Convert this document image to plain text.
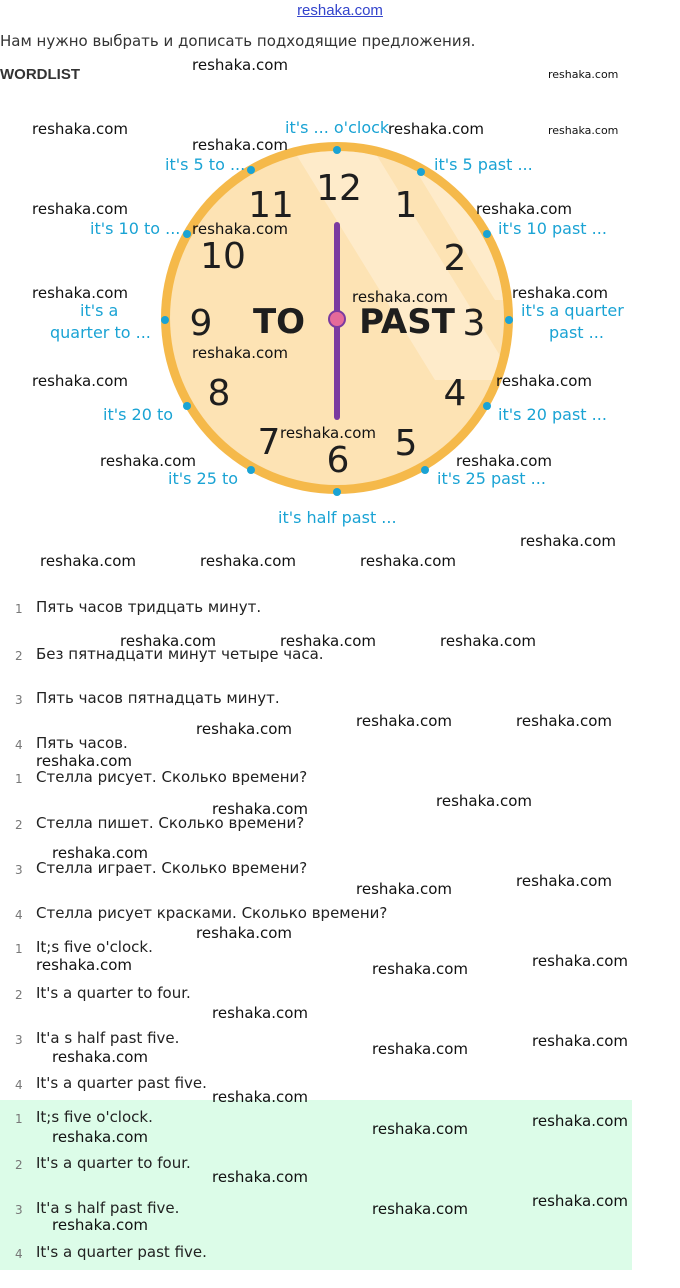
reshaka.com
Нам нужно выбрать и дописать подходящие предложения.
WORDLIST
12 1
2
3
4
5
6
7
8
9
10
11
TO PAST
it's ... o'clock
it's 5 past ...
it's 10 past ...
it's a quarter
past ...
it's 20 past ...
it's 25 past ...
it's half past ...
it's 25 to
it's 20 to
it's a
quarter to ...
it's 10 to ...
it's 5 to ...
1 Пять часов тридцать минут.
2 Без пятнадцати минут четыре часа.
3 Пять часов пятнадцать минут.
4 Пять часов.
1 Стелла рисует. Сколько времени?
2 Стелла пишет. Сколько времени?
3 Стелла играет. Сколько времени?
4 Стелла рисует красками. Сколько времени?
1 It;s five o'clock.
2 It's a quarter to four.
3 It'a s half past five.
4 It's a quarter past five.
1 It;s five o'clock.
2 It's a quarter to four.
3 It'a s half past five.
4 It's a quarter past five.
reshaka.com
reshaka.com
reshaka.com	reshaka.com	reshaka.com
reshaka.com
reshaka.com	reshaka.com
reshaka.com
reshaka.com	reshaka.com	reshaka.com
reshaka.com
reshaka.com	reshaka.com
reshaka.com
reshaka.com	reshaka.com
reshaka.com
reshaka.com	reshaka.com	reshaka.com
reshaka.com	reshaka.com	reshaka.com
reshaka.com	reshaka.com
reshaka.com
reshaka.com
reshaka.com
reshaka.com
reshaka.com
reshaka.com
reshaka.com
reshaka.com
reshaka.com
reshaka.com	reshaka.com
reshaka.com
reshaka.com
reshaka.com
reshaka.com
reshaka.com
reshaka.com
reshaka.com
reshaka.com
reshaka.com
reshaka.com
reshaka.com
reshaka.com
